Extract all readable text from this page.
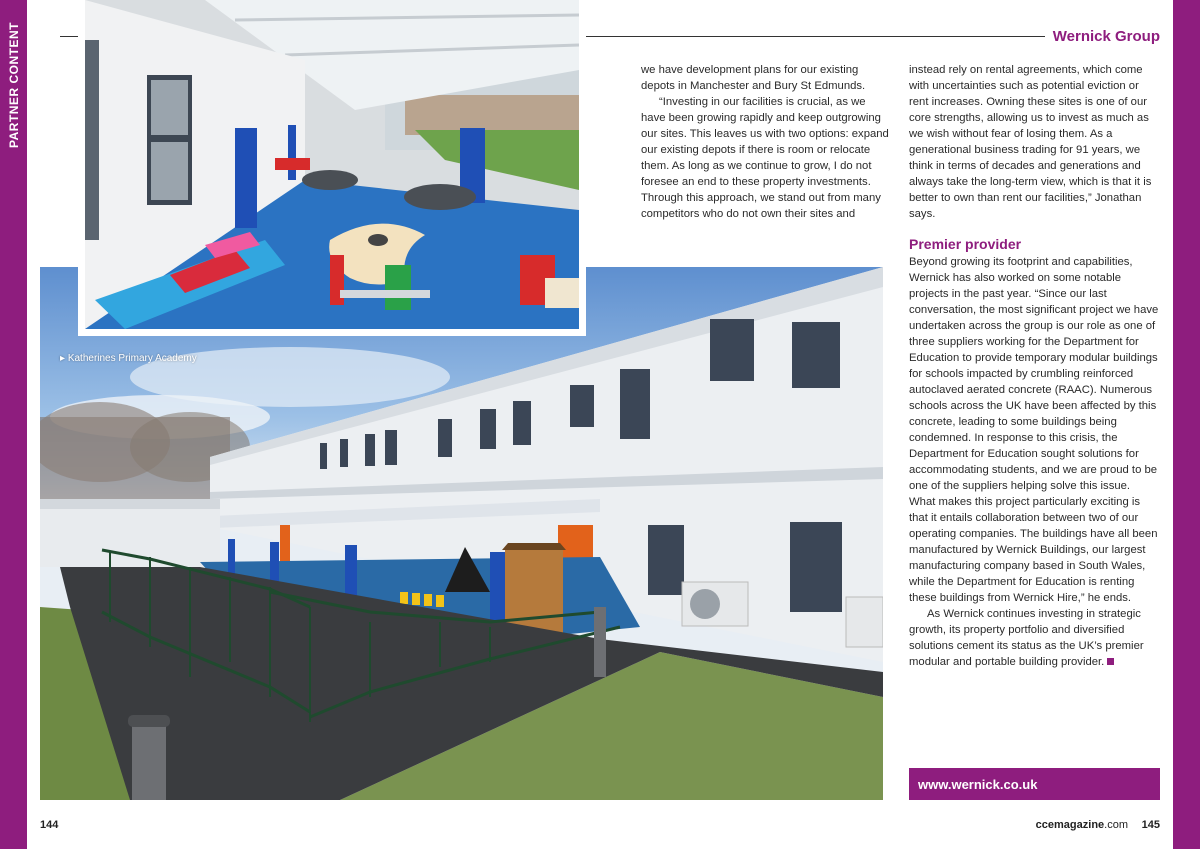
PARTNER CONTENT	Wernick Group
▸ Katherines Primary Academy

we have development plans for our existing depots in Manchester and Bury St Edmunds.

“Investing in our facilities is crucial, as we have been growing rapidly and keep outgrowing our sites. This leaves us with two options: expand our existing depots if there is room or relocate them. As long as we continue to grow, I do not foresee an end to these property investments. Through this approach, we stand out from many competitors who do not own their sites and

instead rely on rental agreements, which come with uncertainties such as potential eviction or rent increases. Owning these sites is one of our core strengths, allowing us to invest as much as we wish without fear of losing them. As a generational business trading for 91 years, we think in terms of decades and generations and always take the long-term view, which is that it is better to own than rent our facilities,” Jonathan says.

Premier provider

Beyond growing its footprint and capabilities, Wernick has also worked on some notable projects in the past year. “Since our last conversation, the most significant project we have undertaken across the group is our role as one of three suppliers working for the Department for Education to provide temporary modular buildings for schools impacted by crumbling reinforced autoclaved aerated concrete (RAAC). Numerous schools across the UK have been affected by this concrete, leading to some buildings being condemned. In response to this crisis, the Department for Education sought solutions for accommodating students, and we are proud to be one of the suppliers helping solve this issue. What makes this project particularly exciting is that it entails collaboration between two of our operating companies. The buildings have all been manufactured by Wernick Buildings, our largest manufacturing company based in South Wales, while the Department for Education is renting these buildings from Wernick Hire,” he ends.

As Wernick continues investing in strategic growth, its property portfolio and diversified solutions cement its status as the UK’s premier modular and portable building provider.

www.wernick.co.uk
144	ccemagazine.com 145
